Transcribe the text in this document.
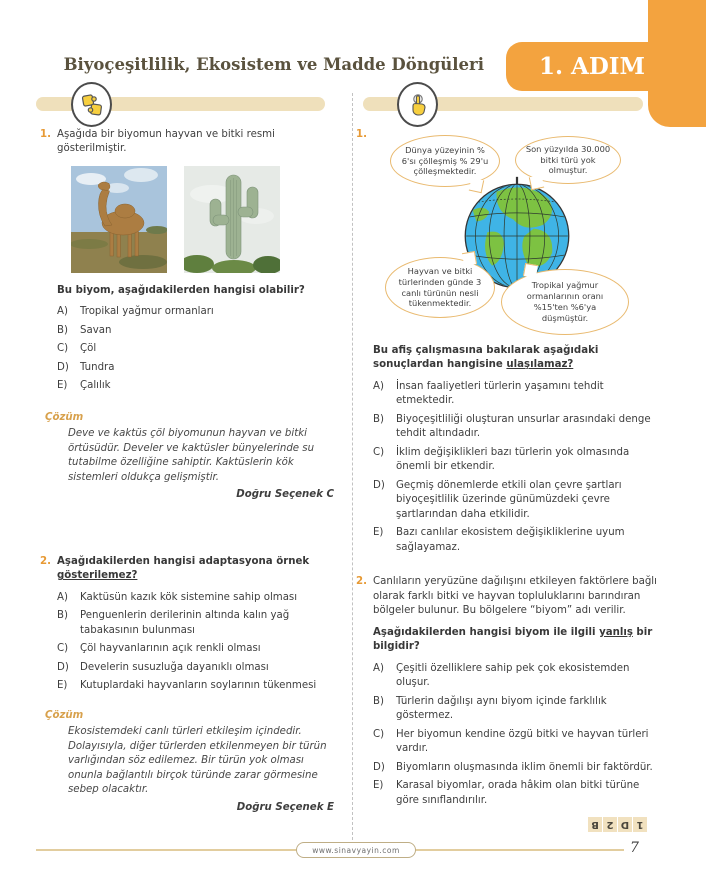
1. ADIM
Biyoçeşitlilik, Ekosistem ve Madde Döngüleri
1. Aşağıda bir biyomun hayvan ve bitki resmi gösterilmiştir.
Bu biyom, aşağıdakilerden hangisi olabilir?
A)	Tropikal yağmur ormanları
B)	Savan
C)	Çöl
D)	Tundra
E)	Çalılık
Çözüm
Deve ve kaktüs çöl biyomunun hayvan ve bitki örtüsüdür. Develer ve kaktüsler bünyelerinde su tutabilme özelliğine sahiptir. Kaktüslerin kök sistemleri oldukça gelişmiştir.
Doğru Seçenek C
2. Aşağıdakilerden hangisi adaptasyona örnek gösterilemez?
A)	Kaktüsün kazık kök sistemine sahip olması
B)	Penguenlerin derilerinin altında kalın yağ tabakasının bulunması
C)	Çöl hayvanlarının açık renkli olması
D)	Develerin susuzluğa dayanıklı olması
E)	Kutuplardaki hayvanların soylarının tükenmesi
Çözüm
Ekosistemdeki canlı türleri etkileşim içindedir. Dolayısıyla, diğer türlerden etkilenmeyen bir türün varlığından söz edilemez. Bir türün yok olması onunla bağlantılı birçok türünde zarar görmesine sebep olacaktır.
Doğru Seçenek E
1.
Dünya yüzeyinin % 6'sı çölleşmiş % 29'u çölleşmektedir.
Son yüzyılda 30.000 bitki türü yok olmuştur.
Hayvan ve bitki türlerinden günde 3 canlı türünün nesli tükenmektedir.
Tropikal yağmur ormanlarının oranı %15'ten %6'ya düşmüştür.
Bu afiş çalışmasına bakılarak aşağıdaki sonuçlardan hangisine ulaşılamaz?
A)	İnsan faaliyetleri türlerin yaşamını tehdit etmektedir.
B)	Biyoçeşitliliği oluşturan unsurlar arasındaki denge tehdit altındadır.
C)	İklim değişiklikleri bazı türlerin yok olmasında önemli bir etkendir.
D)	Geçmiş dönemlerde etkili olan çevre şartları biyoçeşitlilik üzerinde günümüzdeki çevre şartlarından daha etkilidir.
E)	Bazı canlılar ekosistem değişikliklerine uyum sağlayamaz.
2. Canlıların yeryüzüne dağılışını etkileyen faktörlere bağlı olarak farklı bitki ve hayvan topluluklarını barındıran bölgeler bulunur. Bu bölgelere “biyom” adı verilir.
Aşağıdakilerden hangisi biyom ile ilgili yanlış bir bilgidir?
A)	Çeşitli özelliklere sahip pek çok ekosistemden oluşur.
B)	Türlerin dağılışı aynı biyom içinde farklılık göstermez.
C)	Her biyomun kendine özgü bitki ve hayvan türleri vardır.
D)	Biyomların oluşmasında iklim önemli bir faktördür.
E)	Karasal biyomlar, orada hâkim olan bitki türüne göre sınıflandırılır.
B 2 D 1
www.sinavyayin.com	7
